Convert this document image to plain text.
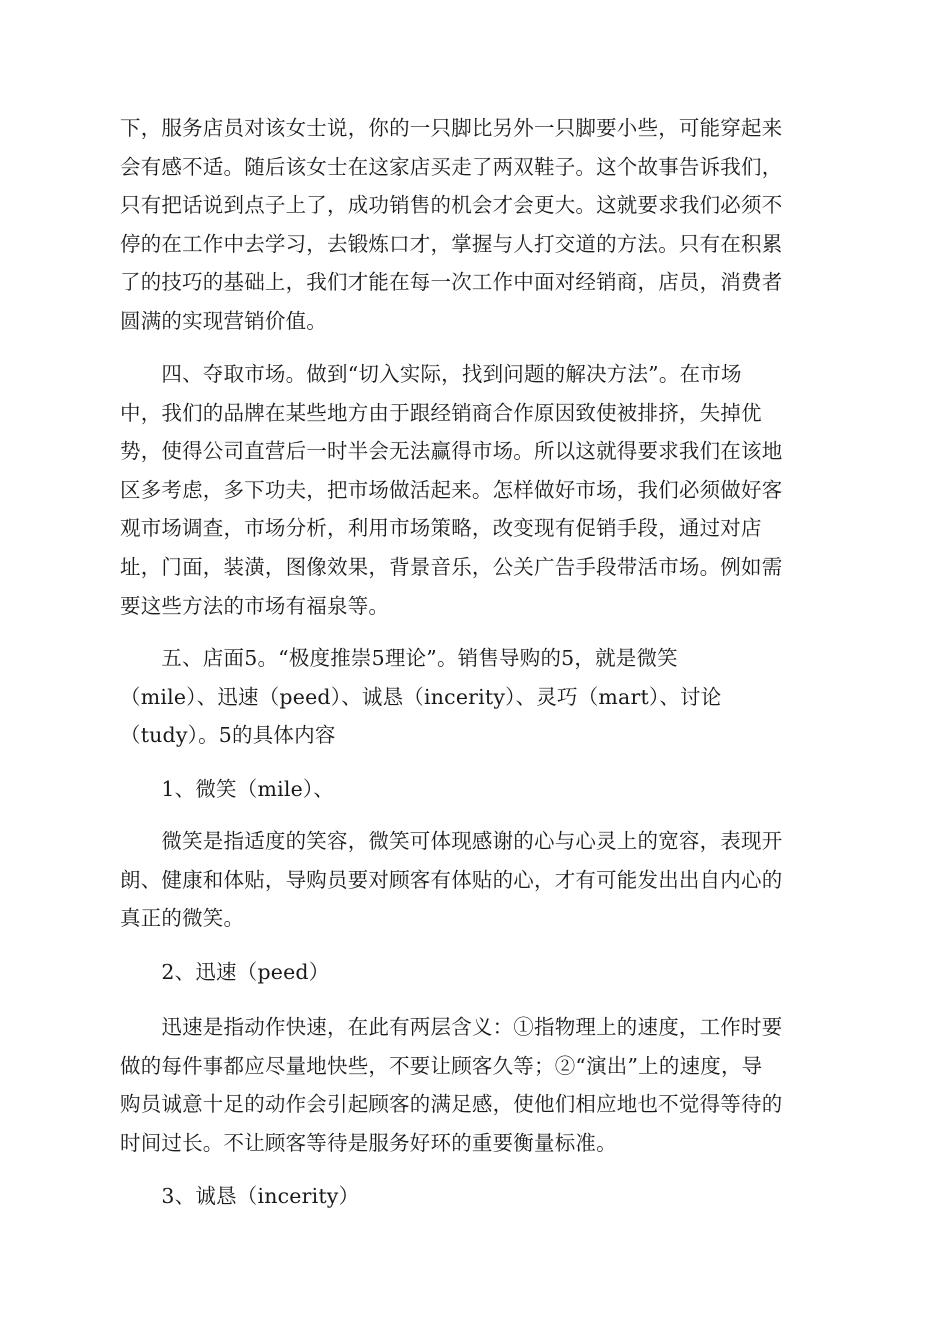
下，服务店员对该女士说，你的一只脚比另外一只脚要小些，可能穿起来
会有感不适。随后该女士在这家店买走了两双鞋子。这个故事告诉我们，
只有把话说到点子上了，成功销售的机会才会更大。这就要求我们必须不
停的在工作中去学习，去锻炼口才，掌握与人打交道的方法。只有在积累
了的技巧的基础上，我们才能在每一次工作中面对经销商，店员，消费者
圆满的实现营销价值。

　　四、夺取市场。做到“切入实际，找到问题的解决方法”。在市场
中，我们的品牌在某些地方由于跟经销商合作原因致使被排挤，失掉优
势，使得公司直营后一时半会无法赢得市场。所以这就得要求我们在该地
区多考虑，多下功夫，把市场做活起来。怎样做好市场，我们必须做好客
观市场调查，市场分析，利用市场策略，改变现有促销手段，通过对店
址，门面，装潢，图像效果，背景音乐，公关广告手段带活市场。例如需
要这些方法的市场有福泉等。

　　五、店面5。“极度推崇5理论”。销售导购的5，就是微笑
（mile）、迅速（peed）、诚恳（incerity）、灵巧（mart）、讨论
（tudy）。5的具体内容

　　1、微笑（mile）、

　　微笑是指适度的笑容，微笑可体现感谢的心与心灵上的宽容，表现开
朗、健康和体贴，导购员要对顾客有体贴的心，才有可能发出出自内心的
真正的微笑。

　　2、迅速（peed）

　　迅速是指动作快速，在此有两层含义：①指物理上的速度，工作时要
做的每件事都应尽量地快些，不要让顾客久等；②“演出”上的速度，导
购员诚意十足的动作会引起顾客的满足感，使他们相应地也不觉得等待的
时间过长。不让顾客等待是服务好环的重要衡量标准。

　　3、诚恳（incerity）
